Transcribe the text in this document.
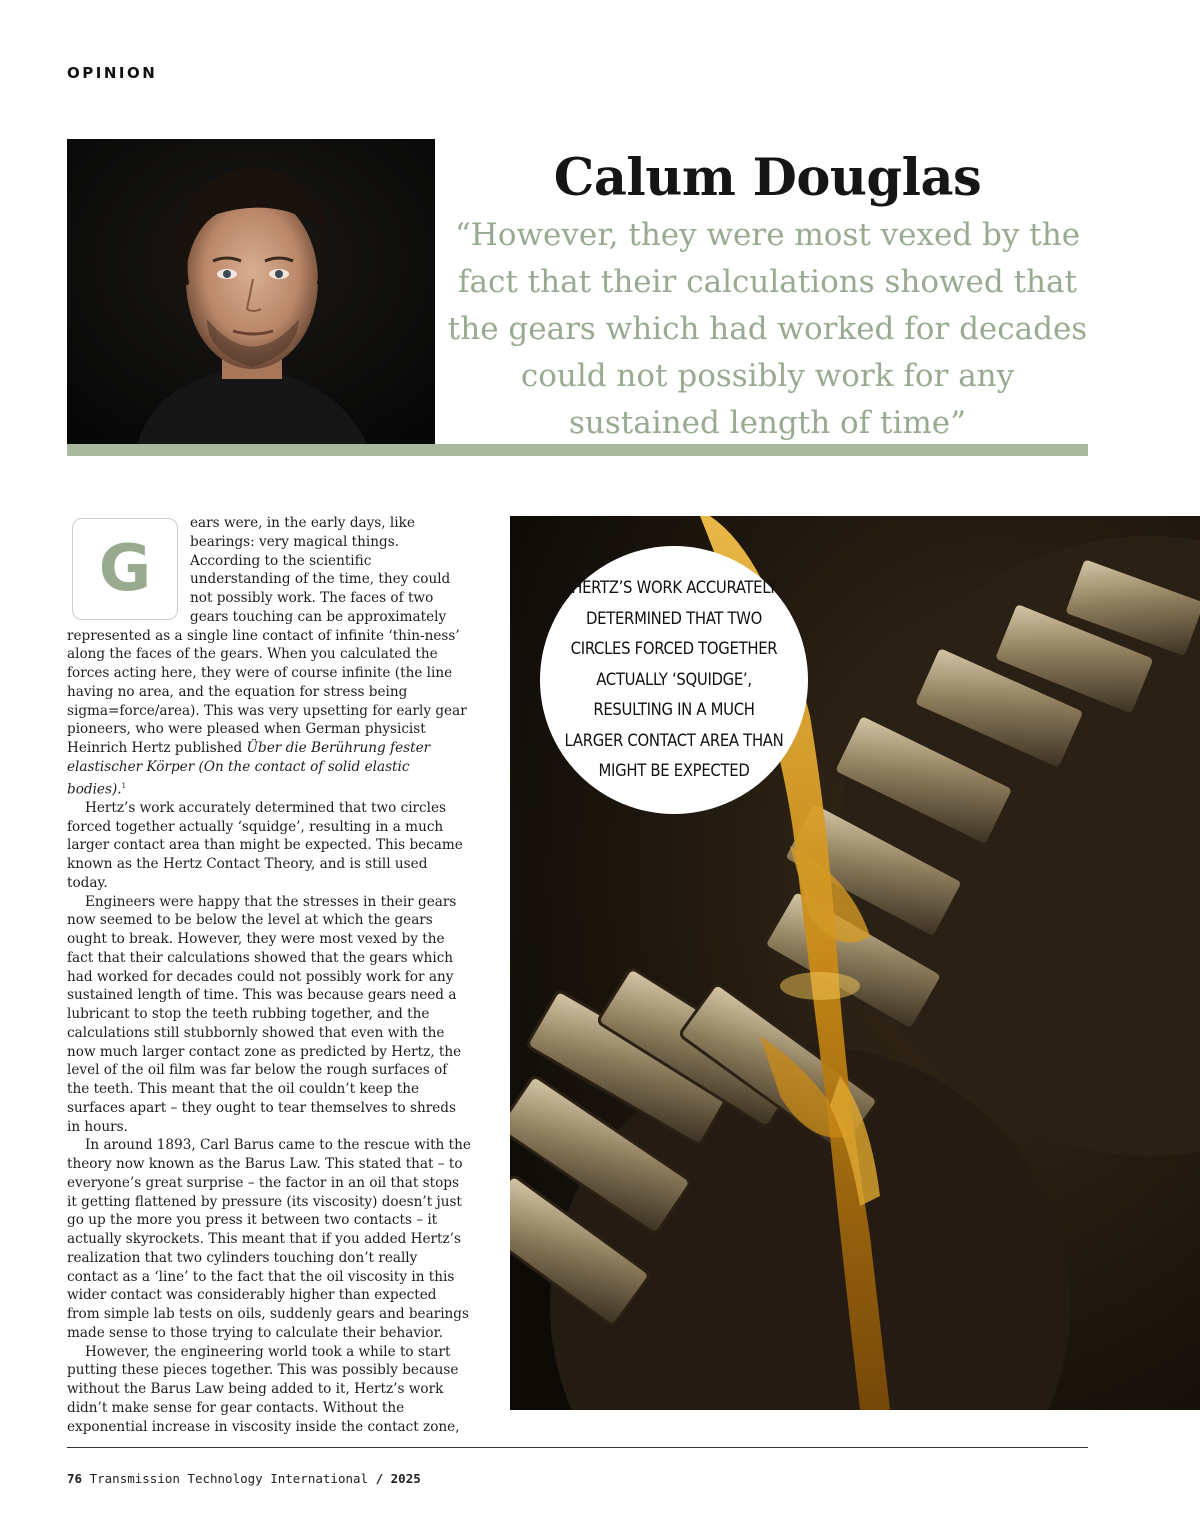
OPINION
Calum Douglas
“However, they were most vexed by the fact that their calculations showed that the gears which had worked for decades could not possibly work for any sustained length of time”
G

ears were, in the early days, like bearings: very magical things. According to the scientific understanding of the time, they could not possibly work. The faces of two gears touching can be approximately represented as a single line contact of infinite ‘thin-ness’ along the faces of the gears. When you calculated the forces acting here, they were of course infinite (the line having no area, and the equation for stress being sigma=force/area). This was very upsetting for early gear pioneers, who were pleased when German physicist Heinrich Hertz published Über die Berührung fester elastischer Körper (On the contact of solid elastic bodies).$^1$

Hertz’s work accurately determined that two circles forced together actually ‘squidge’, resulting in a much larger contact area than might be expected. This became known as the Hertz Contact Theory, and is still used today.

Engineers were happy that the stresses in their gears now seemed to be below the level at which the gears ought to break. However, they were most vexed by the fact that their calculations showed that the gears which had worked for decades could not possibly work for any sustained length of time. This was because gears need a lubricant to stop the teeth rubbing together, and the calculations still stubbornly showed that even with the now much larger contact zone as predicted by Hertz, the level of the oil film was far below the rough surfaces of the teeth. This meant that the oil couldn’t keep the surfaces apart – they ought to tear themselves to shreds in hours.

In around 1893, Carl Barus came to the rescue with the theory now known as the Barus Law. This stated that – to everyone’s great surprise – the factor in an oil that stops it getting flattened by pressure (its viscosity) doesn’t just go up the more you press it between two contacts – it actually skyrockets. This meant that if you added Hertz’s realization that two cylinders touching don’t really contact as a ‘line’ to the fact that the oil viscosity in this wider contact was considerably higher than expected from simple lab tests on oils, suddenly gears and bearings made sense to those trying to calculate their behavior.

However, the engineering world took a while to start putting these pieces together. This was possibly because without the Barus Law being added to it, Hertz’s work didn’t make sense for gear contacts. Without the exponential increase in viscosity inside the contact zone,

HERTZ’S WORK ACCURATELY DETERMINED THAT TWO CIRCLES FORCED TOGETHER ACTUALLY ‘SQUIDGE’, RESULTING IN A MUCH LARGER CONTACT AREA THAN MIGHT BE EXPECTED
76 Transmission Technology International / 2025
